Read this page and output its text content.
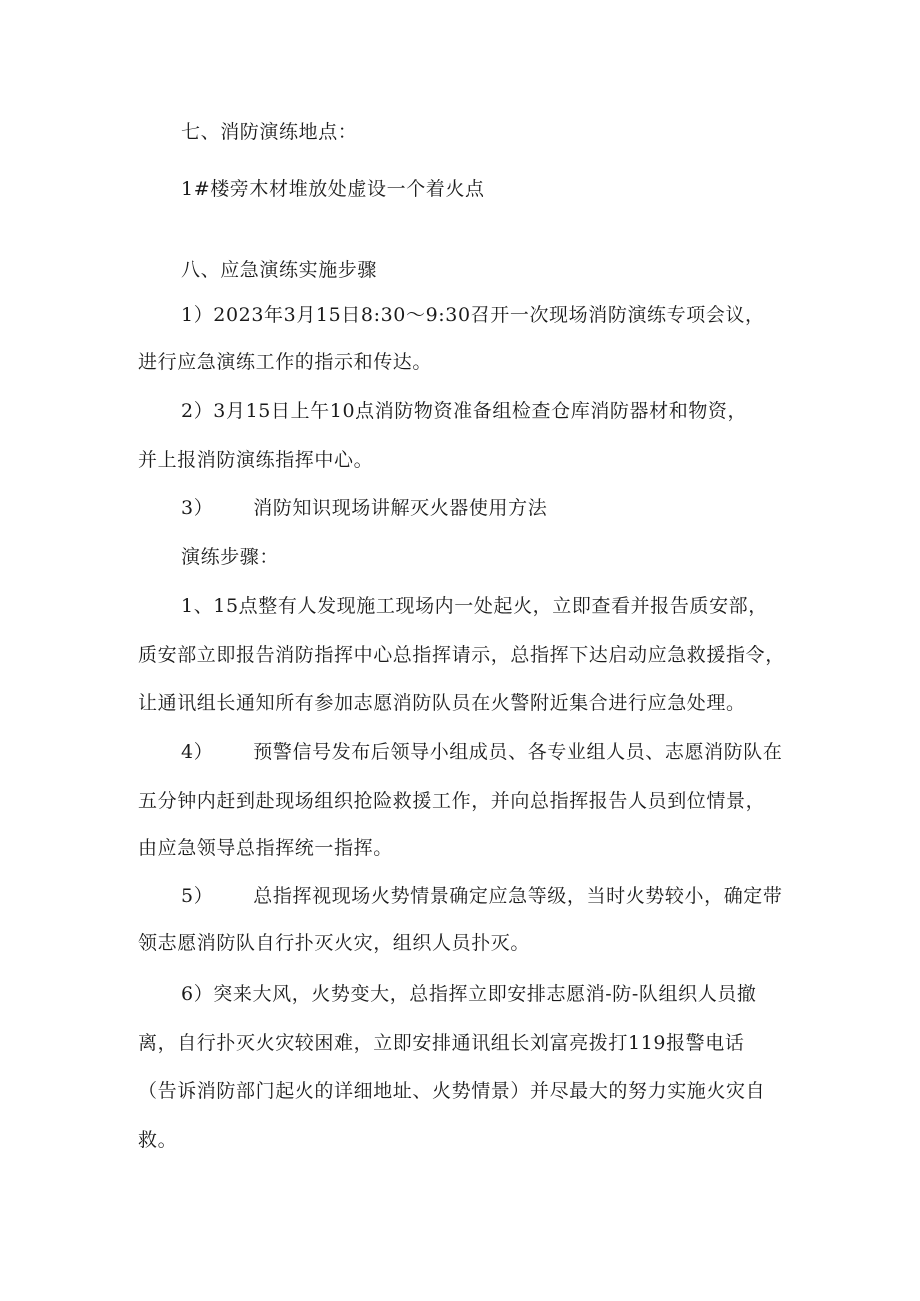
七、消防演练地点：
1#楼旁木材堆放处虚设一个着火点
八、应急演练实施步骤
1）2023年3月15日8:30～9:30召开一次现场消防演练专项会议，
进行应急演练工作的指示和传达。
2）3月15日上午10点消防物资准备组检查仓库消防器材和物资，
并上报消防演练指挥中心。
3） 消防知识现场讲解灭火器使用方法
演练步骤：
1、15点整有人发现施工现场内一处起火，立即查看并报告质安部，
质安部立即报告消防指挥中心总指挥请示，总指挥下达启动应急救援指令，
让通讯组长通知所有参加志愿消防队员在火警附近集合进行应急处理。
4） 预警信号发布后领导小组成员、各专业组人员、志愿消防队在
五分钟内赶到赴现场组织抢险救援工作，并向总指挥报告人员到位情景，
由应急领导总指挥统一指挥。
5） 总指挥视现场火势情景确定应急等级，当时火势较小，确定带
领志愿消防队自行扑灭火灾，组织人员扑灭。
6）突来大风，火势变大，总指挥立即安排志愿消-防-队组织人员撤
离，自行扑灭火灾较困难，立即安排通讯组长刘富亮拨打119报警电话
（告诉消防部门起火的详细地址、火势情景）并尽最大的努力实施火灾自
救。
